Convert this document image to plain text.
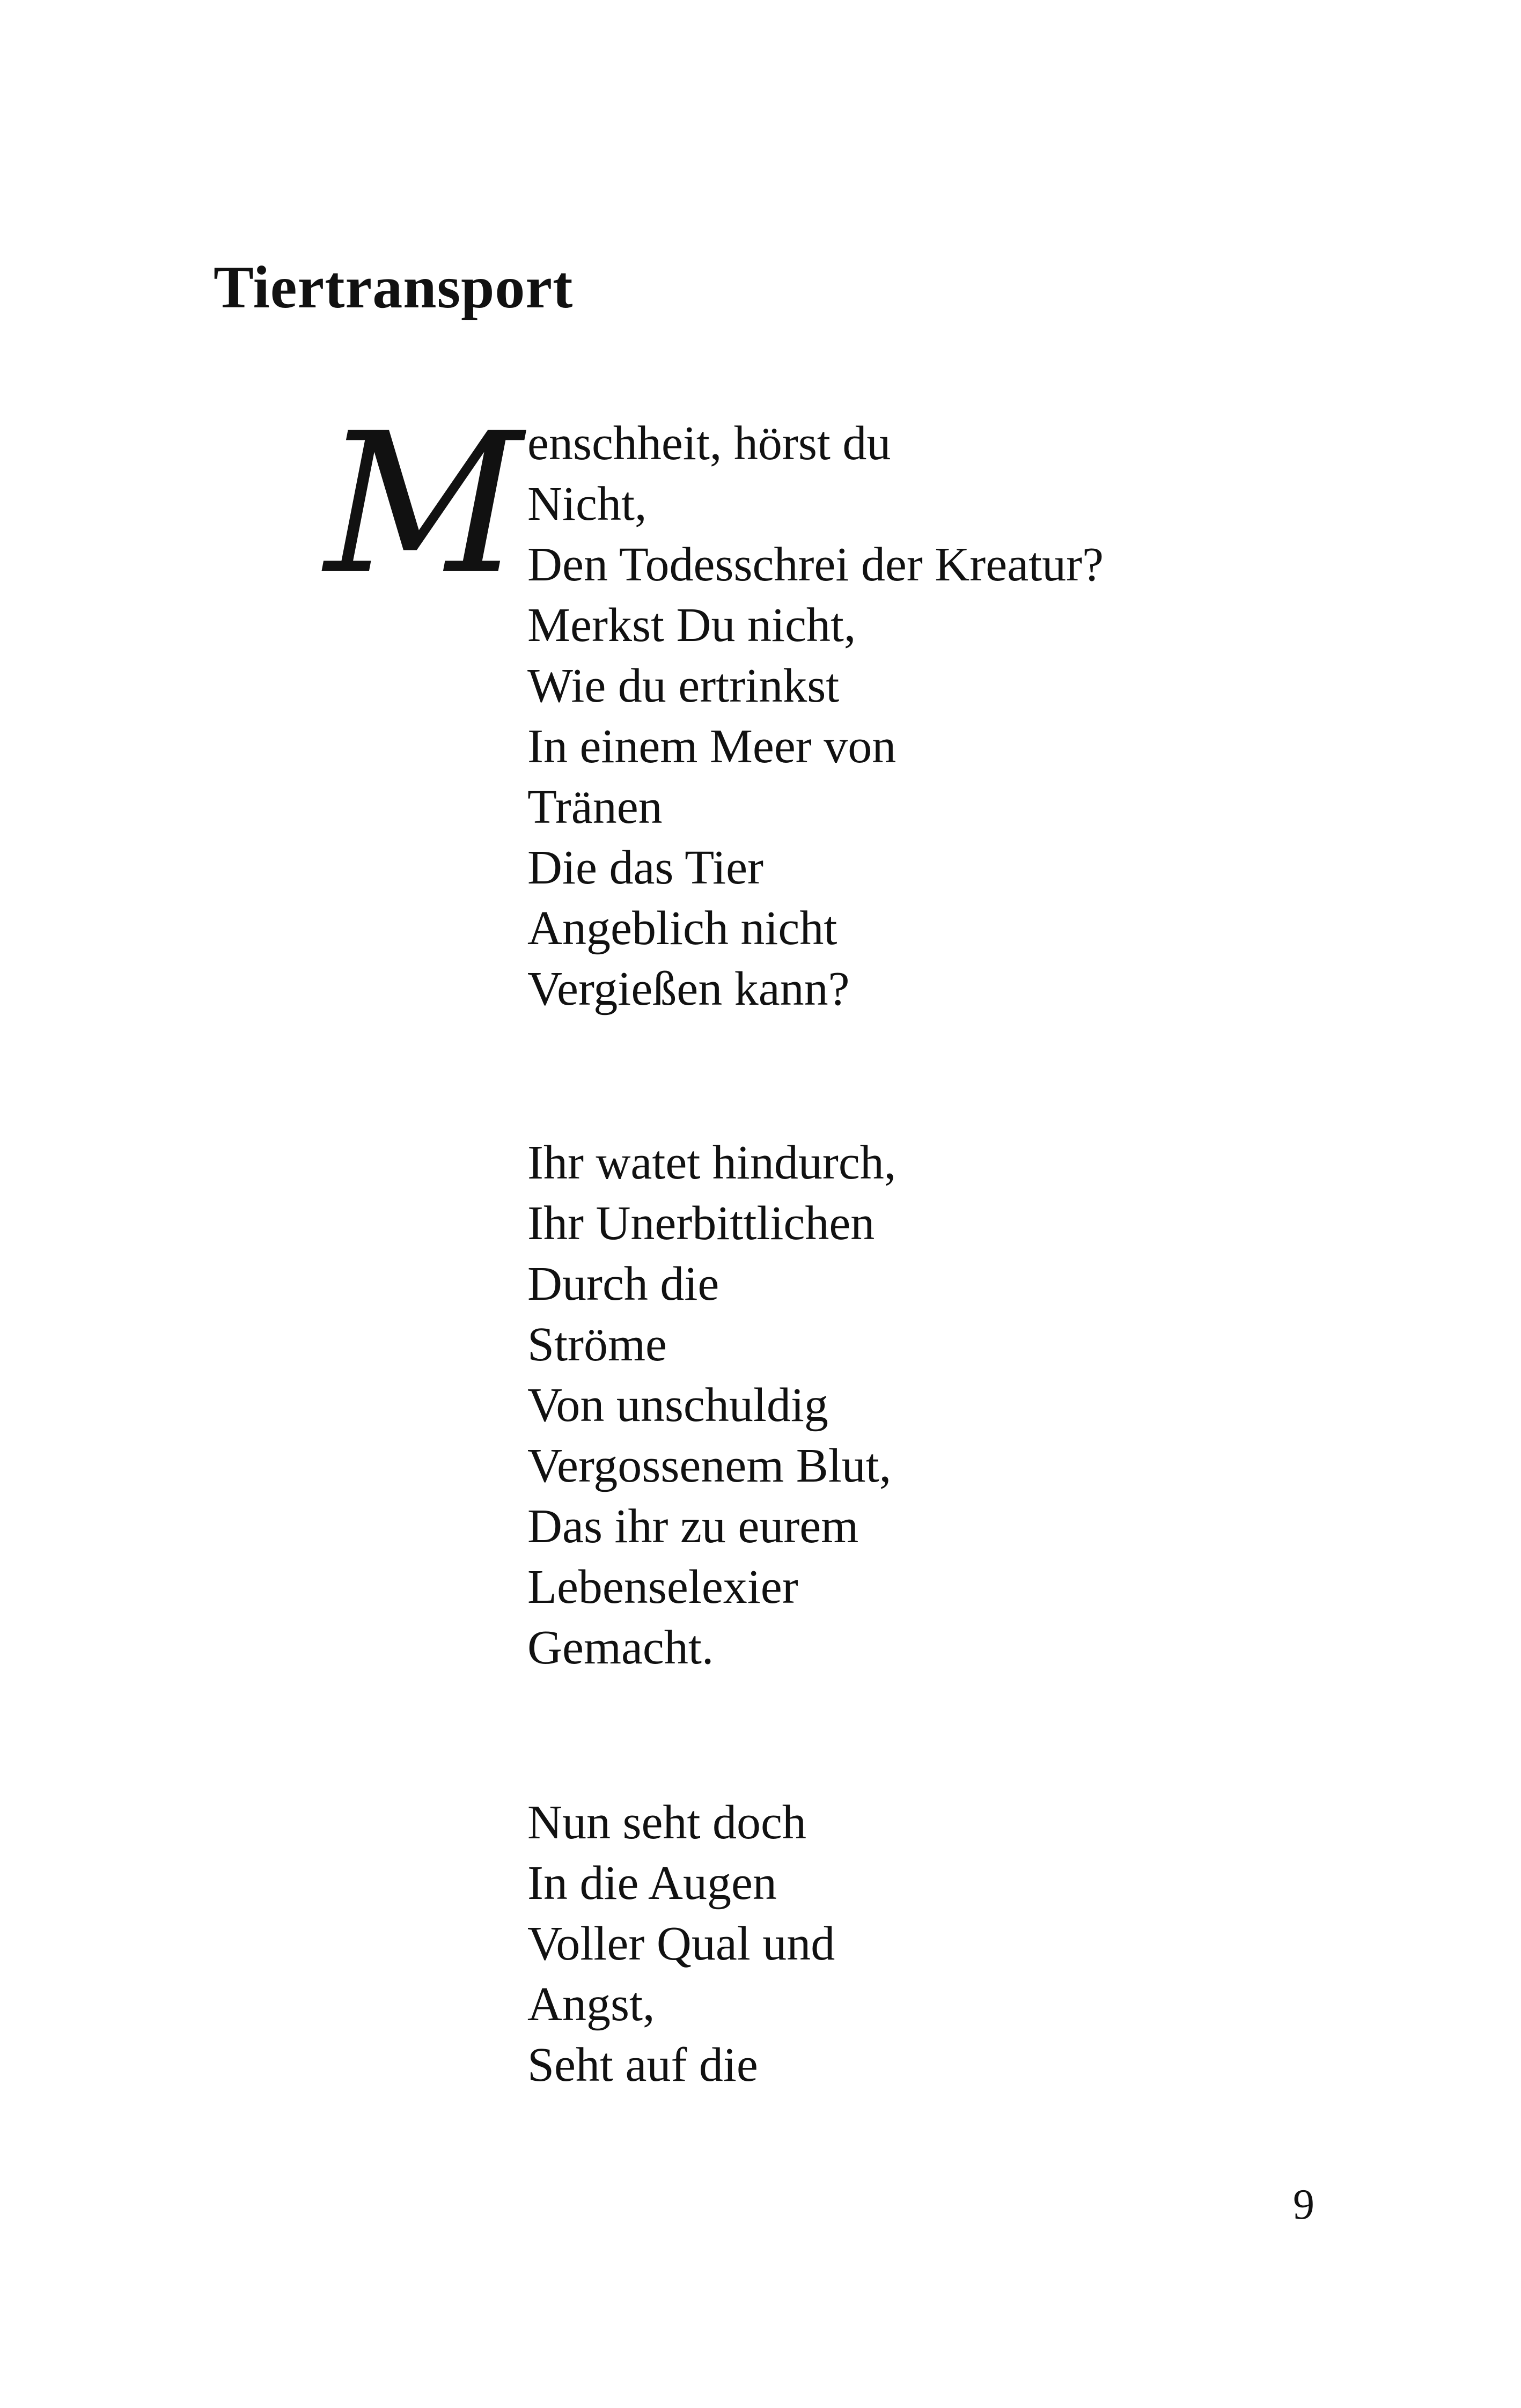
Tiertransport
M enschheit, hörst du
Nicht,
Den Todesschrei der Kreatur?
Merkst Du nicht,
Wie du ertrinkst
In einem Meer von
Tränen
Die das Tier
Angeblich nicht
Vergießen kann?
Ihr watet hindurch,
Ihr Unerbittlichen
Durch die
Ströme
Von unschuldig
Vergossenem Blut,
Das ihr zu eurem
Lebenselexier
Gemacht.
Nun seht doch
In die Augen
Voller Qual und
Angst,
Seht auf die
9
